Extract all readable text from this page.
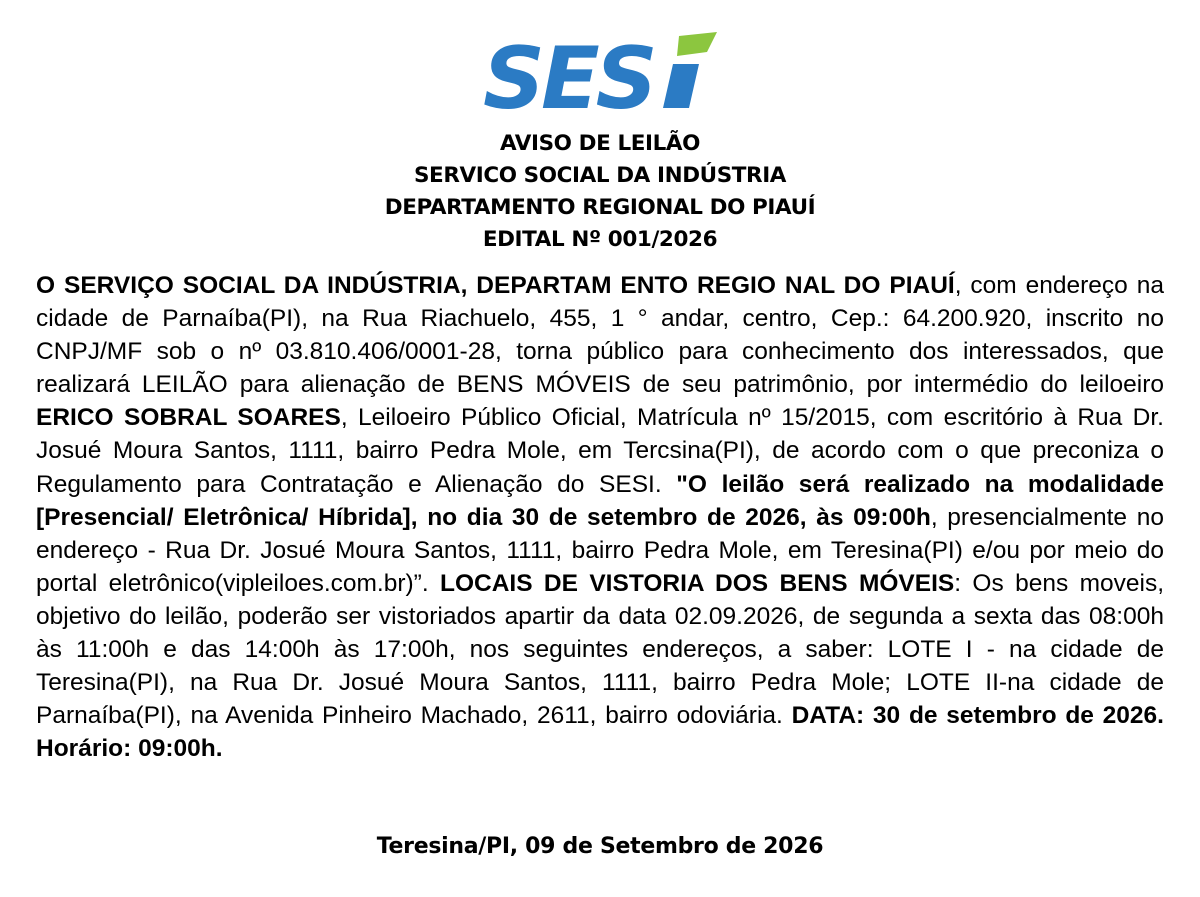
SES
AVISO DE LEILÃO
SERVICO SOCIAL DA INDÚSTRIA
DEPARTAMENTO REGIONAL DO PIAUÍ
EDITAL Nº 001/2026
O SERVIÇO SOCIAL DA INDÚSTRIA, DEPARTAM ENTO REGIO NAL DO PIAUÍ, com endereço na cidade de Parnaíba(PI), na Rua Riachuelo, 455, 1 ° andar, centro, Cep.: 64.200.920, inscrito no CNPJ/MF sob o nº 03.810.406/0001-28, torna público para conhecimento dos interessados, que realizará LEILÃO para alienação de BENS MÓVEIS de seu patrimônio, por intermédio do leiloeiro ERICO SOBRAL SOARES, Leiloeiro Público Oficial, Matrícula nº 15/2015, com escritório à Rua Dr. Josué Moura Santos, 1111, bairro Pedra Mole, em Tercsina(PI), de acordo com o que preconiza o Regulamento para Contratação e Alienação do SESI. "O leilão será realizado na modalidade [Presencial/ Eletrônica/ Híbrida], no dia 30 de setembro de 2026, às 09:00h, presencialmente no endereço - Rua Dr. Josué Moura Santos, 1111, bairro Pedra Mole, em Teresina(PI) e/ou por meio do portal eletrônico(vipleiloes.com.br)”. LOCAIS DE VISTORIA DOS BENS MÓVEIS: Os bens moveis, objetivo do leilão, poderão ser vistoriados apartir da data 02.09.2026, de segunda a sexta das 08:00h às 11:00h e das 14:00h às 17:00h, nos seguintes endereços, a saber: LOTE I - na cidade de Teresina(PI), na Rua Dr. Josué Moura Santos, 1111, bairro Pedra Mole; LOTE II-na cidade de Parnaíba(PI), na Avenida Pinheiro Machado, 2611, bairro odoviária. DATA: 30 de setembro de 2026. Horário: 09:00h.
Teresina/PI, 09 de Setembro de 2026
